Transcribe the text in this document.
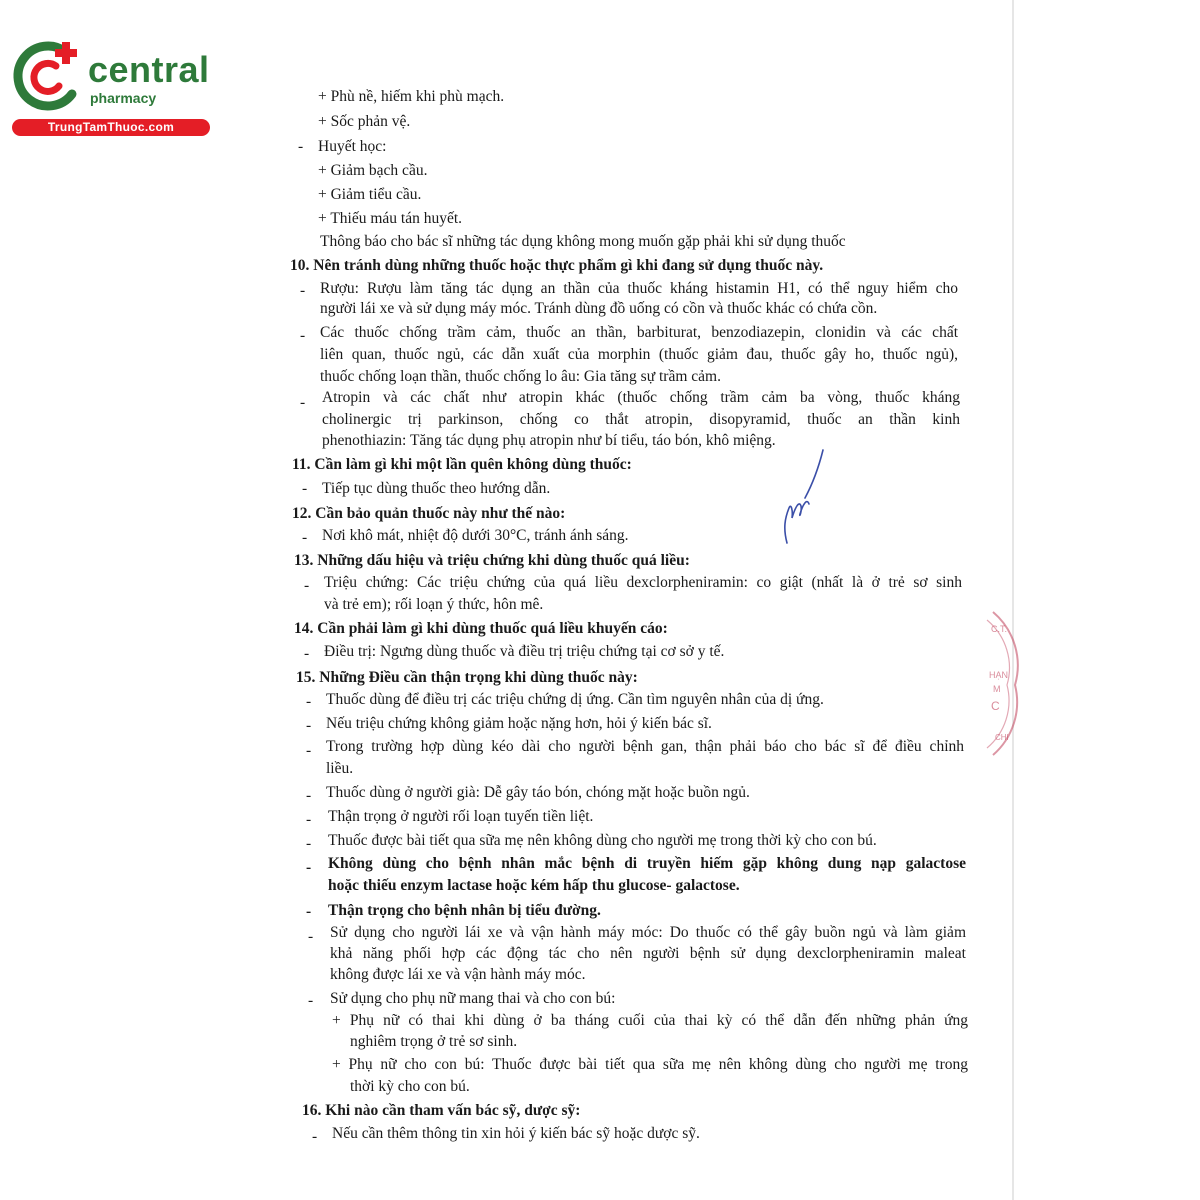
central
pharmacy
TrungTamThuoc.com
+ Phù nề, hiếm khi phù mạch.
+ Sốc phản vệ.
- Huyết học:
+ Giảm bạch cầu.
+ Giảm tiểu cầu.
+ Thiếu máu tán huyết.
Thông báo cho bác sĩ những tác dụng không mong muốn gặp phải khi sử dụng thuốc
10. Nên tránh dùng những thuốc hoặc thực phẩm gì khi đang sử dụng thuốc này.
- Rượu: Rượu làm tăng tác dụng an thần của thuốc kháng histamin H1, có thể nguy hiểm cho
người lái xe và sử dụng máy móc. Tránh dùng đồ uống có cồn và thuốc khác có chứa cồn.
- Các thuốc chống trầm cảm, thuốc an thần, barbiturat, benzodiazepin, clonidin và các chất
liên quan, thuốc ngủ, các dẫn xuất của morphin (thuốc giảm đau, thuốc gây ho, thuốc ngủ),
thuốc chống loạn thần, thuốc chống lo âu: Gia tăng sự trầm cảm.
- Atropin và các chất như atropin khác (thuốc chống trầm cảm ba vòng, thuốc kháng
cholinergic trị parkinson, chống co thắt atropin, disopyramid, thuốc an thần kinh
phenothiazin: Tăng tác dụng phụ atropin như bí tiểu, táo bón, khô miệng.
11. Cần làm gì khi một lần quên không dùng thuốc:
- Tiếp tục dùng thuốc theo hướng dẫn.
12. Cần bảo quản thuốc này như thế nào:
- Nơi khô mát, nhiệt độ dưới 30°C, tránh ánh sáng.
13. Những dấu hiệu và triệu chứng khi dùng thuốc quá liều:
- Triệu chứng: Các triệu chứng của quá liều dexclorpheniramin: co giật (nhất là ở trẻ sơ sinh
và trẻ em); rối loạn ý thức, hôn mê.
14. Cần phải làm gì khi dùng thuốc quá liều khuyến cáo:
- Điều trị: Ngưng dùng thuốc và điều trị triệu chứng tại cơ sở y tế.
15. Những Điều cần thận trọng khi dùng thuốc này:
- Thuốc dùng để điều trị các triệu chứng dị ứng. Cần tìm nguyên nhân của dị ứng.
- Nếu triệu chứng không giảm hoặc nặng hơn, hỏi ý kiến bác sĩ.
- Trong trường hợp dùng kéo dài cho người bệnh gan, thận phải báo cho bác sĩ để điều chỉnh
liều.
- Thuốc dùng ở người già: Dễ gây táo bón, chóng mặt hoặc buồn ngủ.
- Thận trọng ở người rối loạn tuyến tiền liệt.
- Thuốc được bài tiết qua sữa mẹ nên không dùng cho người mẹ trong thời kỳ cho con bú.
- Không dùng cho bệnh nhân mắc bệnh di truyền hiếm gặp không dung nạp galactose
hoặc thiếu enzym lactase hoặc kém hấp thu glucose- galactose.
- Thận trọng cho bệnh nhân bị tiểu đường.
- Sử dụng cho người lái xe và vận hành máy móc: Do thuốc có thể gây buồn ngủ và làm giảm
khả năng phối hợp các động tác cho nên người bệnh sử dụng dexclorpheniramin maleat
không được lái xe và vận hành máy móc.
- Sử dụng cho phụ nữ mang thai và cho con bú:
+ Phụ nữ có thai khi dùng ở ba tháng cuối của thai kỳ có thể dẫn đến những phản ứng
nghiêm trọng ở trẻ sơ sinh.
+ Phụ nữ cho con bú: Thuốc được bài tiết qua sữa mẹ nên không dùng cho người mẹ trong
thời kỳ cho con bú.
16. Khi nào cần tham vấn bác sỹ, dược sỹ:
- Nếu cần thêm thông tin xin hỏi ý kiến bác sỹ hoặc dược sỹ.
C.T.
HẠN
M
C
CHI
